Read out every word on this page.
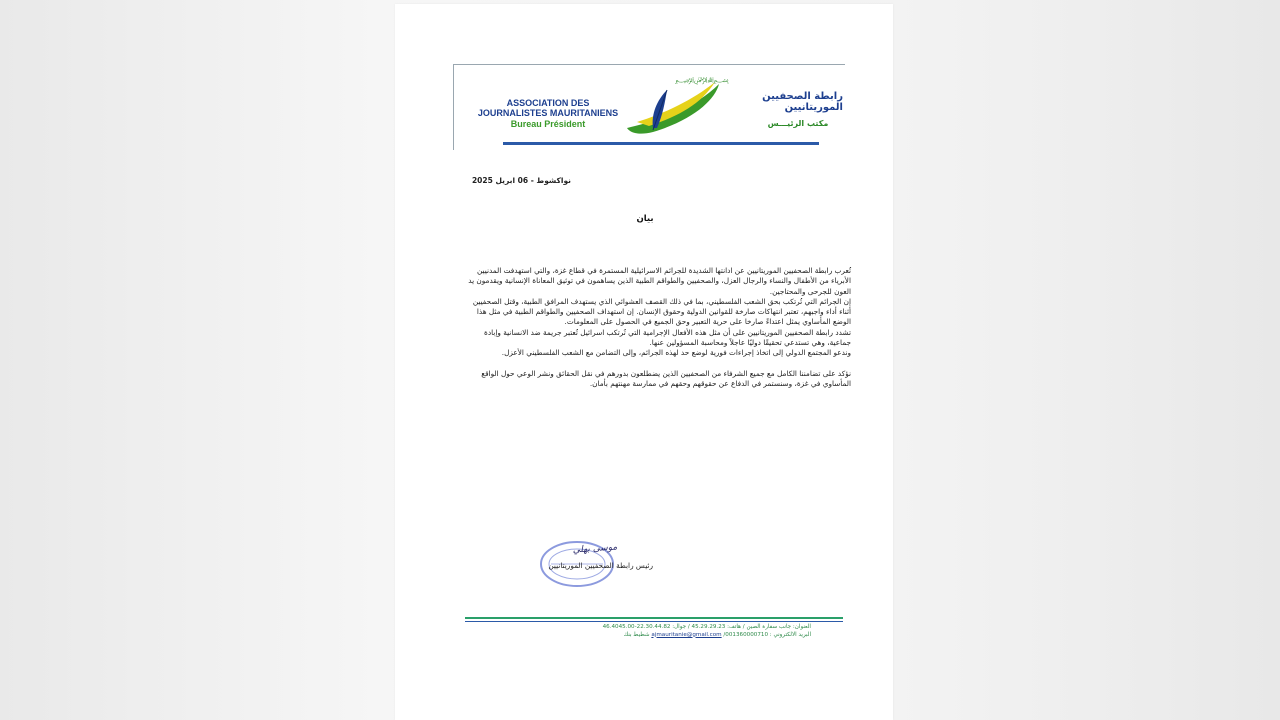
ASSOCIATION DES
JOURNALISTES MAURITANIENS
Bureau Président
﷽
رابطة الصحفيين الموريتانيين
مكتب الرئيـــس
نواكشوط - 06 ابريل 2025
بيان

تُعرب رابطة الصحفيين الموريتانيين عن ادانتها الشديدة للجرائم الاسرائيلية المستمرة في قطاع غزة، والتي استهدفت المدنيين الأبرياء من الأطفال والنساء والرجال العزل، والصحفيين والطواقم الطبية الذين يساهمون في توثيق المعاناة الإنسانية ويقدمون يد العون للجرحى والمحتاجين.

إن الجرائم التي تُرتكب بحق الشعب الفلسطيني، بما في ذلك القصف العشوائي الذي يستهدف المرافق الطبية، وقتل الصحفيين أثناء أداء واجبهم، تعتبر انتهاكات صارخة للقوانين الدولية وحقوق الإنسان. إن استهداف الصحفيين والطواقم الطبية في مثل هذا الوضع المأساوي يمثل اعتداءً صارخا على حرية التعبير وحق الجميع في الحصول على المعلومات.

تشدد رابطة الصحفيين الموريتانيين على أن مثل هذه الأفعال الإجرامية التي تُرتكب اسرائيل تُعتبر جريمة ضد الانسانية وإبادة جماعية، وهي تستدعي تحقيقًا دوليًا عاجلاً ومحاسبة المسؤولين عنها.

وندعو المجتمع الدولي إلى اتخاذ إجراءات فورية لوضع حد لهذه الجرائم، وإلى التضامن مع الشعب الفلسطيني الأعزل.

نؤكد على تضامننا الكامل مع جميع الشرفاء من الصحفيين الذين يضطلعون بدورهم في نقل الحقائق ونشر الوعي حول الواقع المأساوي في غزة، وسنستمر في الدفاع عن حقوقهم وحقهم في ممارسة مهنتهم بأمان.

موسى بهلي
رئيس رابطة الصحفيين الموريتانيين
العنوان: جانب سفارة الصين / هاتف: 45.29.29.23 / جوال: 22.30.44.82-46.4045.00
البريد الالكتروني : ajmauritanie@gmail.com /001360000710 شطيط بنك
